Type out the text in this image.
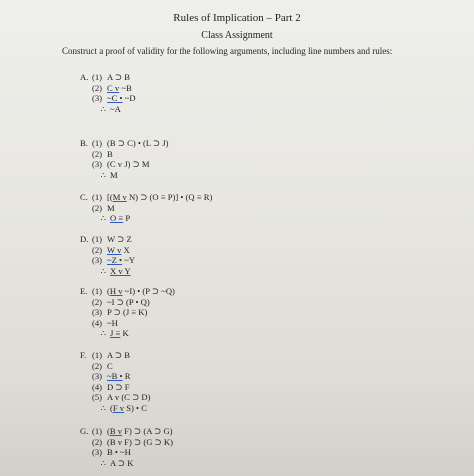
Rules of Implication – Part 2
Class Assignment
Construct a proof of validity for the following arguments, including line numbers and rules:
A. (1) A ⊃ B
(2) C v ~B
(3) ~C • ~D
∴ ~A
B. (1) (B ⊃ C) • (L ⊃ J)
(2) B
(3) (C v J) ⊃ M
∴ M
C. (1) [(M v N) ⊃ (O ≡ P)] • (Q ≡ R)
(2) M
∴ O ≡ P
D. (1) W ⊃ Z
(2) W v X
(3) ~Z • ~Y
∴ X v Y
E. (1) (H v ~I) • (P ⊃ ~Q)
(2) ~I ⊃ (P • Q)
(3) P ⊃ (J ≡ K)
(4) ~H
∴ J ≡ K
F. (1) A ⊃ B
(2) C
(3) ~B • R
(4) D ⊃ F
(5) A v (C ⊃ D)
∴ (F v S) • C
G. (1) (B v F) ⊃ (A ⊃ G)
(2) (B v F) ⊃ (G ⊃ K)
(3) B • ~H
∴ A ⊃ K
